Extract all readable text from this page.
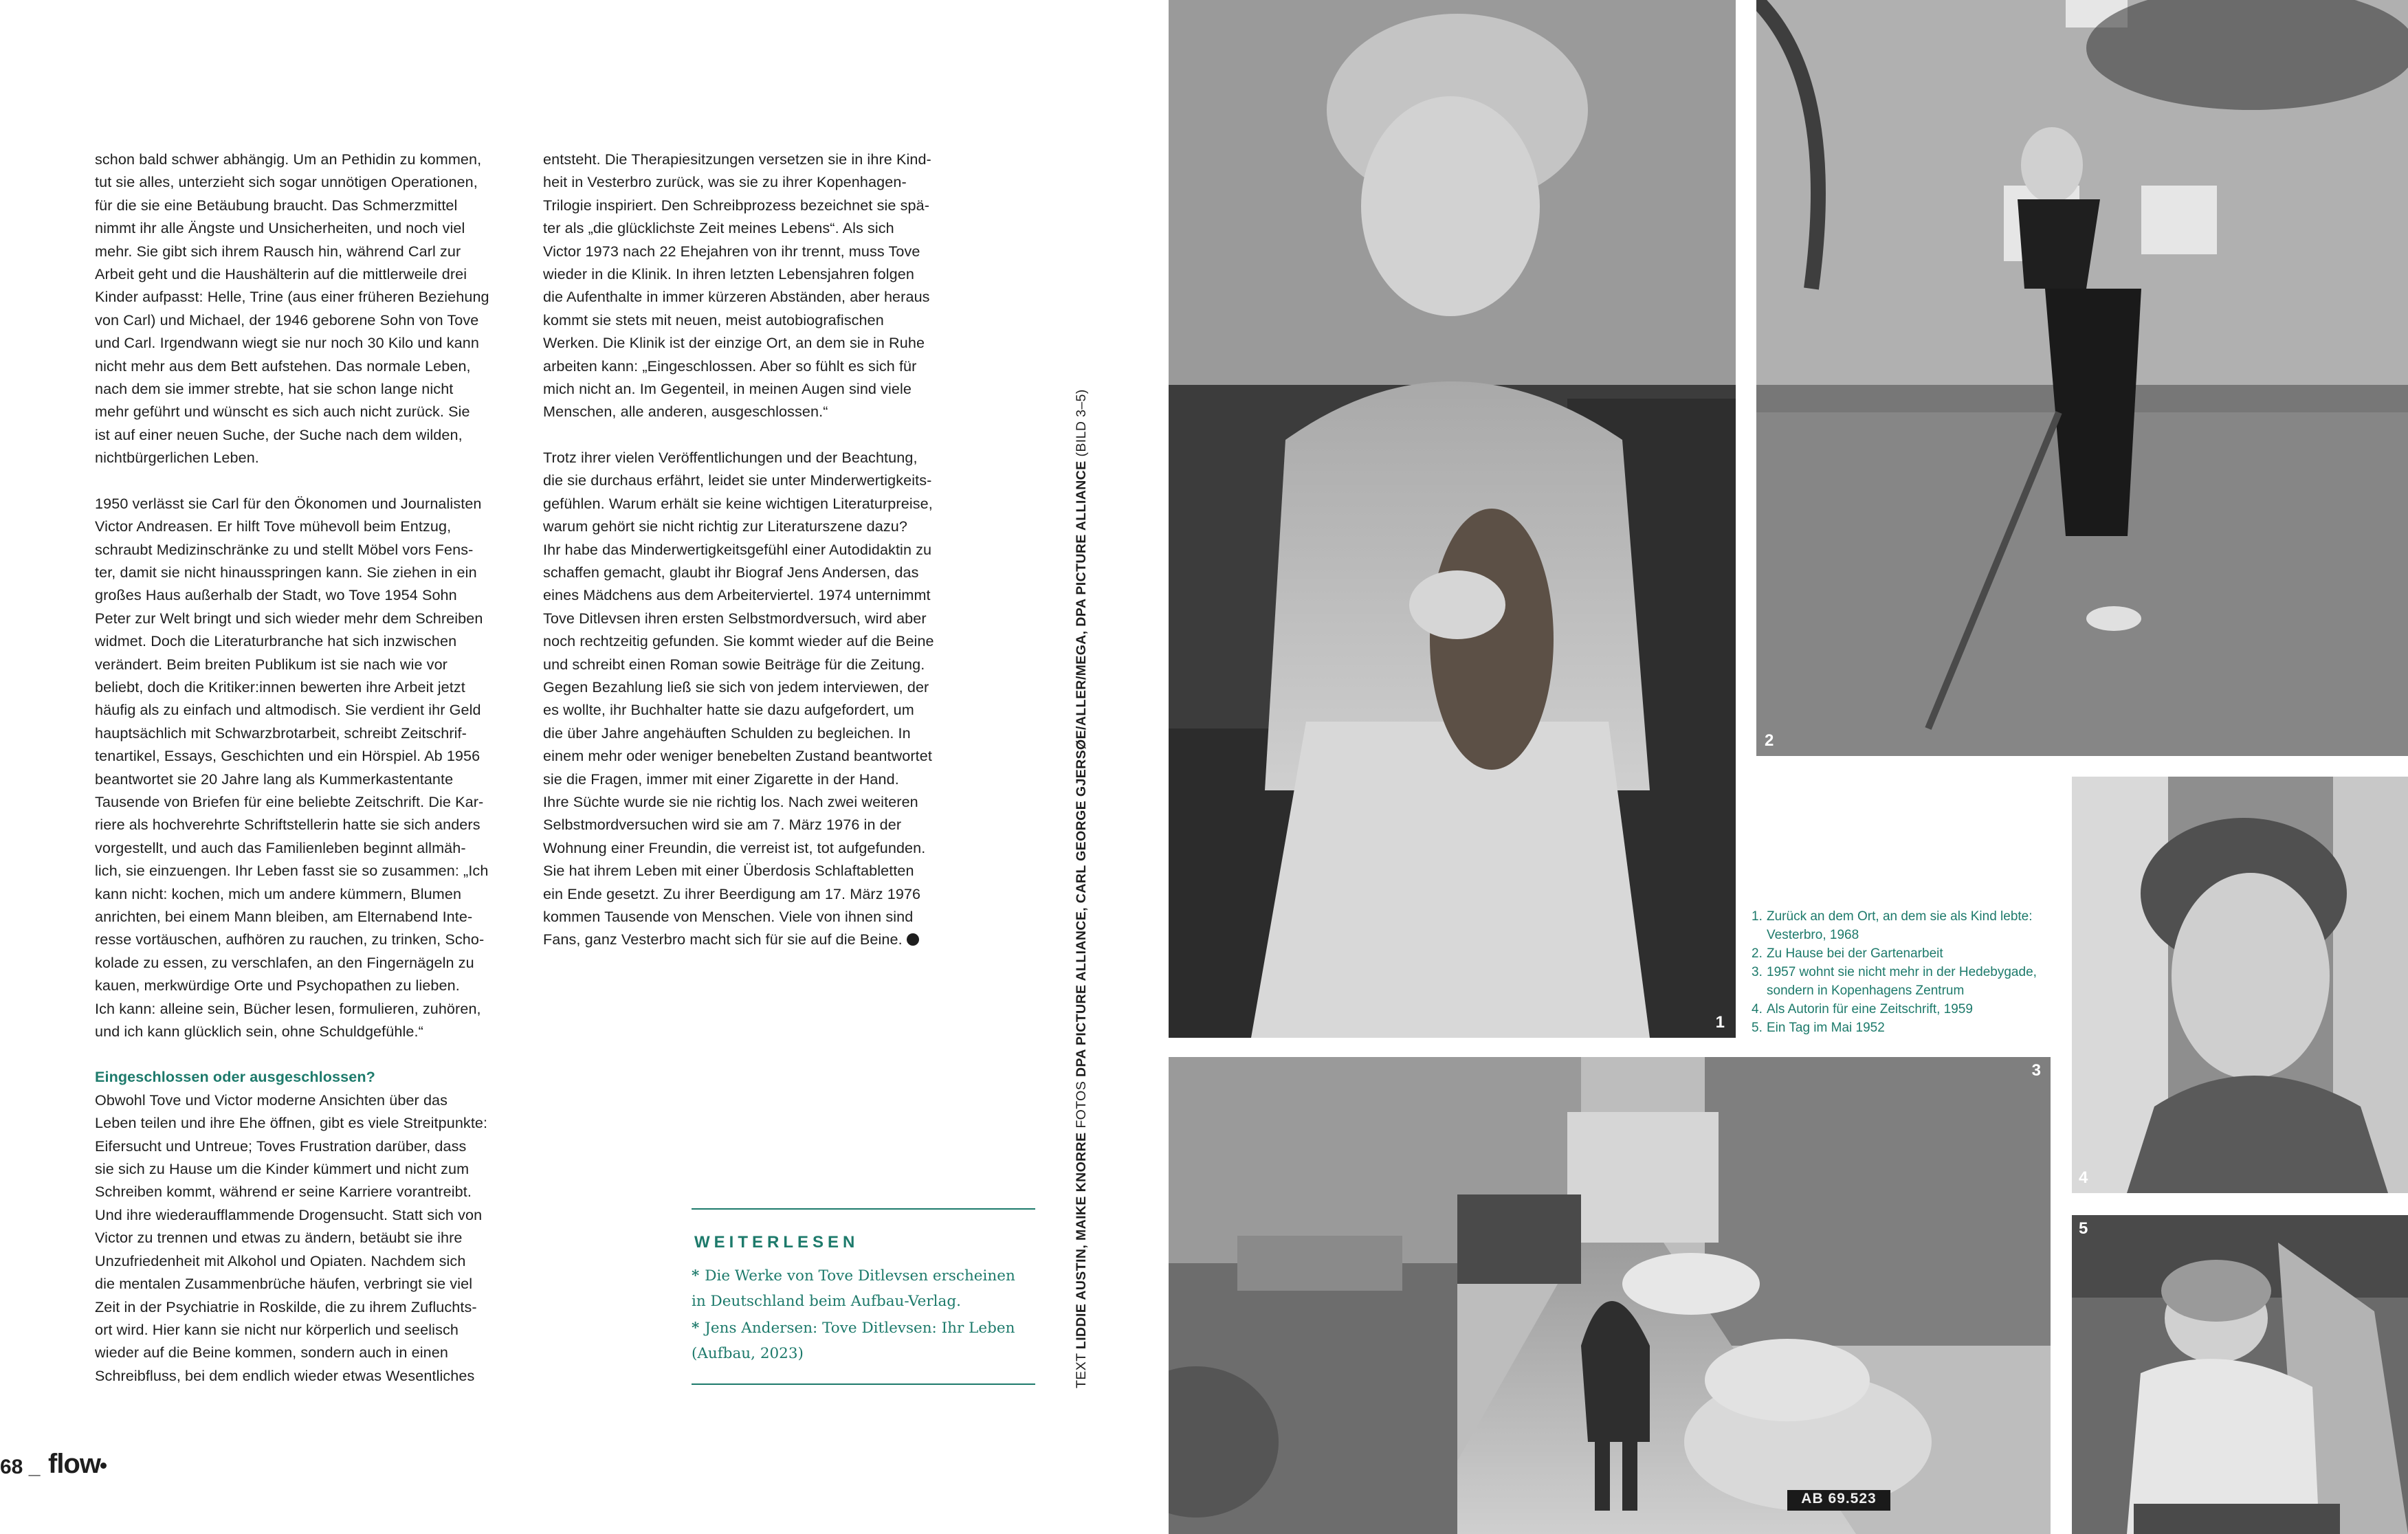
schon bald schwer abhängig. Um an Pethidin zu kommen,
tut sie alles, unterzieht sich sogar unnötigen Operationen,
für die sie eine Betäubung braucht. Das Schmerzmittel
nimmt ihr alle Ängste und Unsicherheiten, und noch viel
mehr. Sie gibt sich ihrem Rausch hin, während Carl zur
Arbeit geht und die Haushälterin auf die mittlerweile drei
Kinder aufpasst: Helle, Trine (aus einer früheren Beziehung
von Carl) und Michael, der 1946 geborene Sohn von Tove
und Carl. Irgendwann wiegt sie nur noch 30 Kilo und kann
nicht mehr aus dem Bett aufstehen. Das normale Leben,
nach dem sie immer strebte, hat sie schon lange nicht
mehr geführt und wünscht es sich auch nicht zurück. Sie
ist auf einer neuen Suche, der Suche nach dem wilden,
nichtbürgerlichen Leben.

1950 verlässt sie Carl für den Ökonomen und Journalisten
Victor Andreasen. Er hilft Tove mühevoll beim Entzug,
schraubt Medizinschränke zu und stellt Möbel vors Fens-
ter, damit sie nicht hinausspringen kann. Sie ziehen in ein
großes Haus außerhalb der Stadt, wo Tove 1954 Sohn
Peter zur Welt bringt und sich wieder mehr dem Schreiben
widmet. Doch die Literaturbranche hat sich inzwischen
verändert. Beim breiten Publikum ist sie nach wie vor
beliebt, doch die Kritiker:innen bewerten ihre Arbeit jetzt
häufig als zu einfach und altmodisch. Sie verdient ihr Geld
hauptsächlich mit Schwarzbrotarbeit, schreibt Zeitschrif-
tenartikel, Essays, Geschichten und ein Hörspiel. Ab 1956
beantwortet sie 20 Jahre lang als Kummerkastentante
Tausende von Briefen für eine beliebte Zeitschrift. Die Kar-
riere als hochverehrte Schriftstellerin hatte sie sich anders
vorgestellt, und auch das Familienleben beginnt allmäh-
lich, sie einzuengen. Ihr Leben fasst sie so zusammen: „Ich
kann nicht: kochen, mich um andere kümmern, Blumen
anrichten, bei einem Mann bleiben, am Elternabend Inte-
resse vortäuschen, aufhören zu rauchen, zu trinken, Scho-
kolade zu essen, zu verschlafen, an den Fingernägeln zu
kauen, merkwürdige Orte und Psychopathen zu lieben.
Ich kann: alleine sein, Bücher lesen, formulieren, zuhören,
und ich kann glücklich sein, ohne Schuldgefühle.“

Eingeschlossen oder ausgeschlossen?

Obwohl Tove und Victor moderne Ansichten über das
Leben teilen und ihre Ehe öffnen, gibt es viele Streitpunkte:
Eifersucht und Untreue; Toves Frustration darüber, dass
sie sich zu Hause um die Kinder kümmert und nicht zum
Schreiben kommt, während er seine Karriere vorantreibt.
Und ihre wiederaufflammende Drogensucht. Statt sich von
Victor zu trennen und etwas zu ändern, betäubt sie ihre
Unzufriedenheit mit Alkohol und Opiaten. Nachdem sich
die mentalen Zusammenbrüche häufen, verbringt sie viel
Zeit in der Psychiatrie in Roskilde, die zu ihrem Zufluchts-
ort wird. Hier kann sie nicht nur körperlich und seelisch
wieder auf die Beine kommen, sondern auch in einen
Schreibfluss, bei dem endlich wieder etwas Wesentliches

entsteht. Die Therapiesitzungen versetzen sie in ihre Kind-
heit in Vesterbro zurück, was sie zu ihrer Kopenhagen-
Trilogie inspiriert. Den Schreibprozess bezeichnet sie spä-
ter als „die glücklichste Zeit meines Lebens“. Als sich
Victor 1973 nach 22 Ehejahren von ihr trennt, muss Tove
wieder in die Klinik. In ihren letzten Lebensjahren folgen
die Aufenthalte in immer kürzeren Abständen, aber heraus
kommt sie stets mit neuen, meist autobiografischen
Werken. Die Klinik ist der einzige Ort, an dem sie in Ruhe
arbeiten kann: „Eingeschlossen. Aber so fühlt es sich für
mich nicht an. Im Gegenteil, in meinen Augen sind viele
Menschen, alle anderen, ausgeschlossen.“

Trotz ihrer vielen Veröffentlichungen und der Beachtung,
die sie durchaus erfährt, leidet sie unter Minderwertigkeits-
gefühlen. Warum erhält sie keine wichtigen Literaturpreise,
warum gehört sie nicht richtig zur Literaturszene dazu?
Ihr habe das Minderwertigkeitsgefühl einer Autodidaktin zu
schaffen gemacht, glaubt ihr Biograf Jens Andersen, das
eines Mädchens aus dem Arbeiterviertel. 1974 unternimmt
Tove Ditlevsen ihren ersten Selbstmordversuch, wird aber
noch rechtzeitig gefunden. Sie kommt wieder auf die Beine
und schreibt einen Roman sowie Beiträge für die Zeitung.
Gegen Bezahlung ließ sie sich von jedem interviewen, der
es wollte, ihr Buchhalter hatte sie dazu aufgefordert, um
die über Jahre angehäuften Schulden zu begleichen. In
einem mehr oder weniger benebelten Zustand beantwortet
sie die Fragen, immer mit einer Zigarette in der Hand.
Ihre Süchte wurde sie nie richtig los. Nach zwei weiteren
Selbstmordversuchen wird sie am 7. März 1976 in der
Wohnung einer Freundin, die verreist ist, tot aufgefunden.
Sie hat ihrem Leben mit einer Überdosis Schlaftabletten
ein Ende gesetzt. Zu ihrer Beerdigung am 17. März 1976
kommen Tausende von Menschen. Viele von ihnen sind
Fans, ganz Vesterbro macht sich für sie auf die Beine.

WEITERLESEN
* Die Werke von Tove Ditlevsen erscheinen
in Deutschland beim Aufbau-Verlag.
* Jens Andersen: Tove Ditlevsen: Ihr Leben
(Aufbau, 2023)	TEXT LIDDIE AUSTIN, MAIKE KNORRE FOTOS DPA PICTURE ALLIANCE, CARL GEORGE GJERSØE/ALLER/MEGA, DPA PICTURE ALLIANCE (BILD 3–5)
68 _ flow
1
2
3
AB 69.523
4
5
1. Zurück an dem Ort, an dem sie als Kind lebte:
Vesterbro, 1968
2. Zu Hause bei der Gartenarbeit
3. 1957 wohnt sie nicht mehr in der Hedebygade,
sondern in Kopenhagens Zentrum
4. Als Autorin für eine Zeitschrift, 1959
5. Ein Tag im Mai 1952
